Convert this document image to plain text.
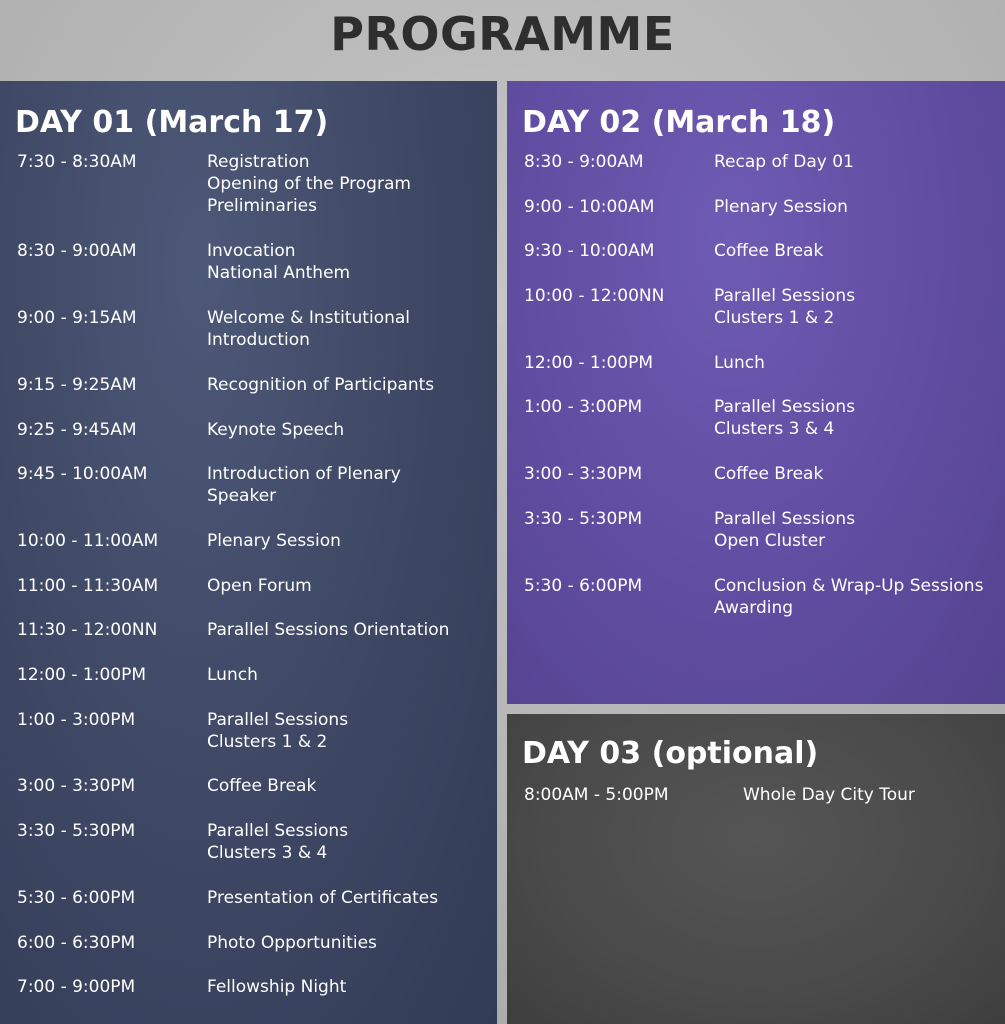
PROGRAMME
DAY 01 (March 17)
7:30 - 8:30AM	Registration
Opening of the Program
Preliminaries
8:30 - 9:00AM	Invocation
National Anthem
9:00 - 9:15AM	Welcome & Institutional
Introduction
9:15 - 9:25AM	Recognition of Participants
9:25 - 9:45AM	Keynote Speech
9:45 - 10:00AM	Introduction of Plenary
Speaker
10:00 - 11:00AM	Plenary Session
11:00 - 11:30AM	Open Forum
11:30 - 12:00NN	Parallel Sessions Orientation
12:00 - 1:00PM	Lunch
1:00 - 3:00PM	Parallel Sessions
Clusters 1 & 2
3:00 - 3:30PM	Coffee Break
3:30 - 5:30PM	Parallel Sessions
Clusters 3 & 4
5:30 - 6:00PM	Presentation of Certificates
6:00 - 6:30PM	Photo Opportunities
7:00 - 9:00PM	Fellowship Night
DAY 02 (March 18)
8:30 - 9:00AM	Recap of Day 01
9:00 - 10:00AM	Plenary Session
9:30 - 10:00AM	Coffee Break
10:00 - 12:00NN	Parallel Sessions
Clusters 1 & 2
12:00 - 1:00PM	Lunch
1:00 - 3:00PM	Parallel Sessions
Clusters 3 & 4
3:00 - 3:30PM	Coffee Break
3:30 - 5:30PM	Parallel Sessions
Open Cluster
5:30 - 6:00PM	Conclusion & Wrap-Up Sessions
Awarding
DAY 03 (optional)
8:00AM - 5:00PM	Whole Day City Tour
